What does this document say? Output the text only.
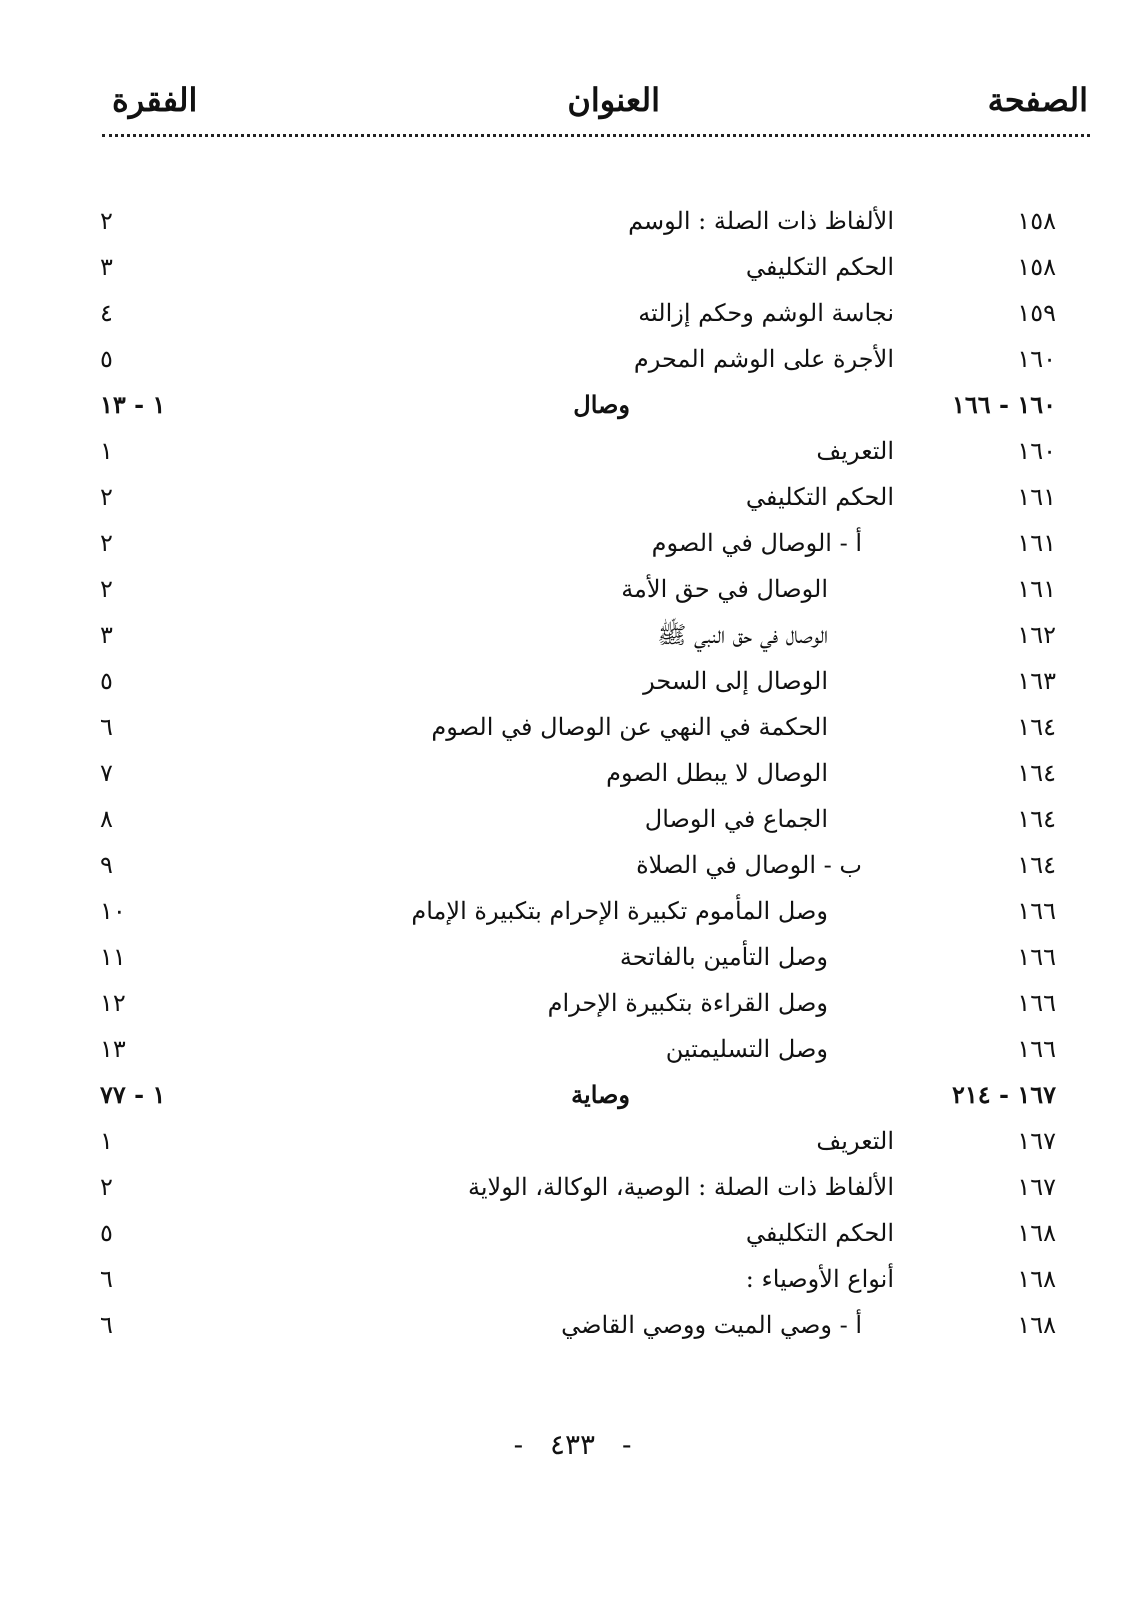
الصفحة
العنوان
الفقرة
١٥٨
الألفاظ ذات الصلة : الوسم
٢
١٥٨
الحكم التكليفي
٣
١٥٩
نجاسة الوشم وحكم إزالته
٤
١٦٠
الأجرة على الوشم المحرم
٥
١٦٠ - ١٦٦
وصال
١ - ١٣
١٦٠
التعريف
١
١٦١
الحكم التكليفي
٢
١٦١
أ - الوصال في الصوم
٢
١٦١
الوصال في حق الأمة
٢
١٦٢
الوصال في حق النبي ﷺ
٣
١٦٣
الوصال إلى السحر
٥
١٦٤
الحكمة في النهي عن الوصال في الصوم
٦
١٦٤
الوصال لا يبطل الصوم
٧
١٦٤
الجماع في الوصال
٨
١٦٤
ب - الوصال في الصلاة
٩
١٦٦
وصل المأموم تكبيرة الإحرام بتكبيرة الإمام
١٠
١٦٦
وصل التأمين بالفاتحة
١١
١٦٦
وصل القراءة بتكبيرة الإحرام
١٢
١٦٦
وصل التسليمتين
١٣
١٦٧ - ٢١٤
وصاية
١ - ٧٧
١٦٧
التعريف
١
١٦٧
الألفاظ ذات الصلة : الوصية، الوكالة، الولاية
٢
١٦٨
الحكم التكليفي
٥
١٦٨
أنواع الأوصياء :
٦
١٦٨
أ - وصي الميت ووصي القاضي
٦
- ٤٣٣ -
